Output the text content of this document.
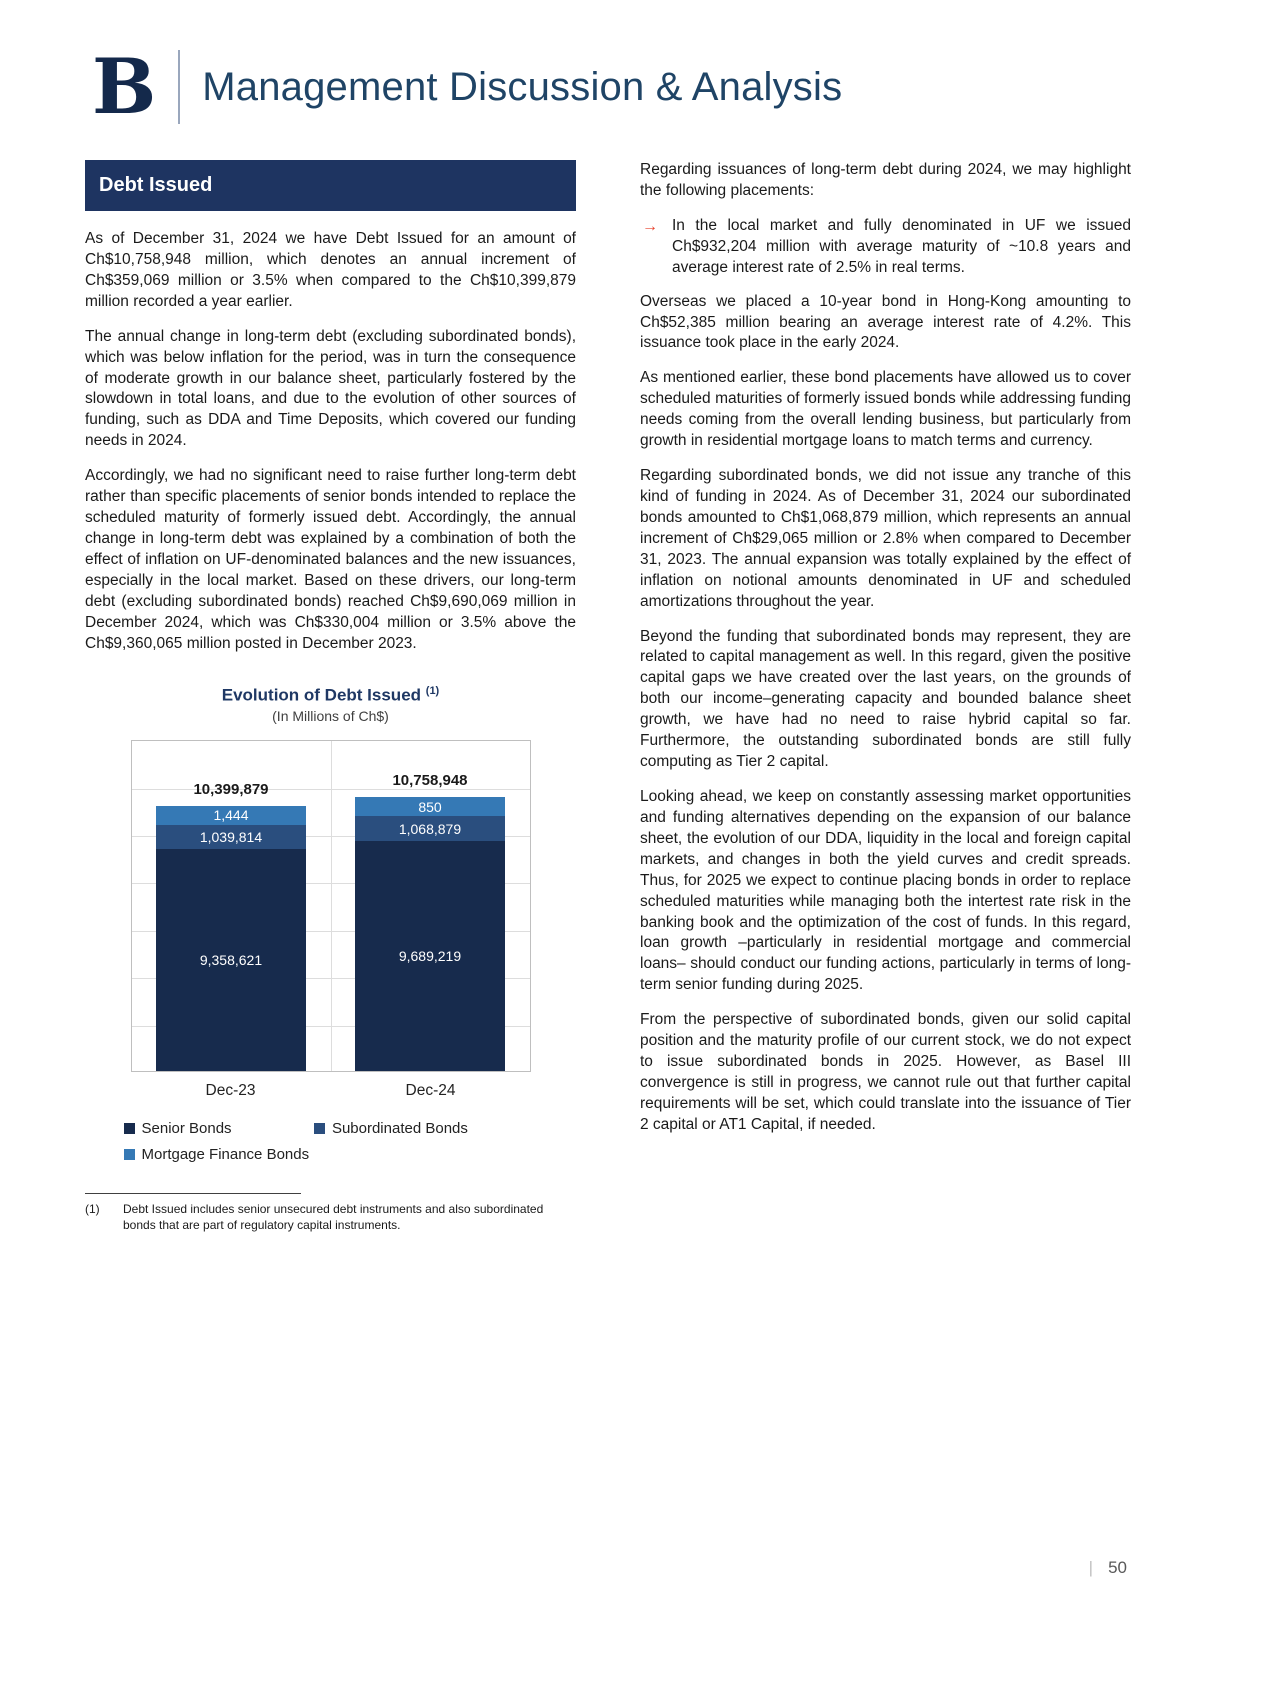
B Management Discussion & Analysis
Debt Issued

As of December 31, 2024 we have Debt Issued for an amount of Ch$10,758,948 million, which denotes an annual increment of Ch$359,069 million or 3.5% when compared to the Ch$10,399,879 million recorded a year earlier.

The annual change in long-term debt (excluding subordinated bonds), which was below inflation for the period, was in turn the consequence of moderate growth in our balance sheet, particularly fostered by the slowdown in total loans, and due to the evolution of other sources of funding, such as DDA and Time Deposits, which covered our funding needs in 2024.

Accordingly, we had no significant need to raise further long-term debt rather than specific placements of senior bonds intended to replace the scheduled maturity of formerly issued debt. Accordingly, the annual change in long-term debt was explained by a combination of both the effect of inflation on UF-denominated balances and the new issuances, especially in the local market. Based on these drivers, our long-term debt (excluding subordinated bonds) reached Ch$9,690,069 million in December 2024, which was Ch$330,004 million or 3.5% above the Ch$9,360,065 million posted in December 2023.

Evolution of Debt Issued $^{(1)}$
(In Millions of Ch$)
1,444
1,039,814
9,358,621
10,399,879
850
1,068,879
9,689,219
10,758,948
Dec-23	Dec-24
Senior Bonds	Subordinated Bonds
Mortgage Finance Bonds
(1)	Debt Issued includes senior unsecured debt instruments and also subordinated bonds that are part of regulatory capital instruments.

Regarding issuances of long-term debt during 2024, we may highlight the following placements:

→ In the local market and fully denominated in UF we issued Ch$932,204 million with average maturity of ~10.8 years and average interest rate of 2.5% in real terms.

Overseas we placed a 10-year bond in Hong-Kong amounting to Ch$52,385 million bearing an average interest rate of 4.2%. This issuance took place in the early 2024.

As mentioned earlier, these bond placements have allowed us to cover scheduled maturities of formerly issued bonds while addressing funding needs coming from the overall lending business, but particularly from growth in residential mortgage loans to match terms and currency.

Regarding subordinated bonds, we did not issue any tranche of this kind of funding in 2024. As of December 31, 2024 our subordinated bonds amounted to Ch$1,068,879 million, which represents an annual increment of Ch$29,065 million or 2.8% when compared to December 31, 2023. The annual expansion was totally explained by the effect of inflation on notional amounts denominated in UF and scheduled amortizations throughout the year.

Beyond the funding that subordinated bonds may represent, they are related to capital management as well. In this regard, given the positive capital gaps we have created over the last years, on the grounds of both our income–generating capacity and bounded balance sheet growth, we have had no need to raise hybrid capital so far. Furthermore, the outstanding subordinated bonds are still fully computing as Tier 2 capital.

Looking ahead, we keep on constantly assessing market opportunities and funding alternatives depending on the expansion of our balance sheet, the evolution of our DDA, liquidity in the local and foreign capital markets, and changes in both the yield curves and credit spreads. Thus, for 2025 we expect to continue placing bonds in order to replace scheduled maturities while managing both the intertest rate risk in the banking book and the optimization of the cost of funds. In this regard, loan growth –particularly in residential mortgage and commercial loans– should conduct our funding actions, particularly in terms of long-term senior funding during 2025.

From the perspective of subordinated bonds, given our solid capital position and the maturity profile of our current stock, we do not expect to issue subordinated bonds in 2025. However, as Basel III convergence is still in progress, we cannot rule out that further capital requirements will be set, which could translate into the issuance of Tier 2 capital or AT1 Capital, if needed.

| 50
